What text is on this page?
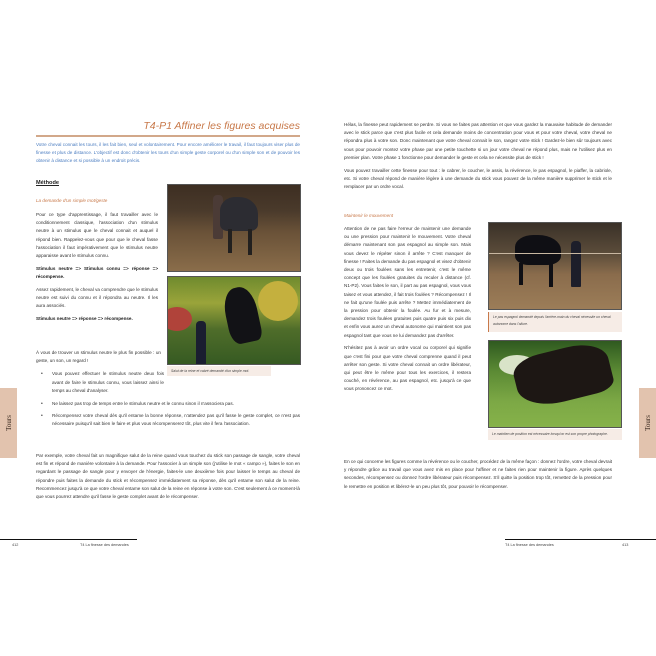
T4-P1 Affiner les figures acquises
Votre cheval connait les tours, il les fait bien, seul et volontairement. Pour encore améliorer le travail, il faut toujours viser plus de finesse et plus de distance. L'objectif est donc d'obtenir les tours d'un simple geste corporel ou d'un simple son et de pouvoir les obtenir à distance et si possible à un endroit précis.
Méthode
La demande d'un simple mot/geste
Pour ce type d'apprentissage, il faut travailler avec le conditionnement classique, l'association d'un stimulus neutre à un stimulus que le cheval connait et auquel il répond bien. Rappelez-vous que pour que le cheval fasse l'association il faut impérativement que le stimulus neutre apparaisse avant le stimulus connu.
Stimulus neutre => Stimulus connu => réponse => récompense.
Assez rapidement, le cheval va comprendre que le stimulus neutre est suivi du connu et il répondra au neutre. Il les aura associés.
Stimulus neutre => réponse => récompense.
Salut de la reine et cabré demandé d'un simple mot.
À vous de trouver un stimulus neutre le plus fin possible : un geste, un son, un regard !
• Vous pouvez effectuer le stimulus neutre deux fois avant de faire le stimulus connu, vous laissez ainsi le temps au cheval d'analyser.
• Ne laissez pas trop de temps entre le stimulus neutre et le connu sinon il n'associera pas.
• Récompensez votre cheval dès qu'il entame la bonne réponse, n'attendez pas qu'il fasse le geste complet, ce n'est pas nécessaire puisqu'il sait bien le faire et plus vous récompenserez tôt, plus vite il fera l'association.
Par exemple, votre cheval fait un magnifique salut de la reine quand vous touchez du stick son passage de sangle, votre cheval est fin et répond de manière volontaire à la demande. Pour l'associer à un simple son (j'utilise le mot « campo »), faites le son en regardant le passage de sangle pour y envoyer de l'énergie, faites-le une deuxième fois pour laisser le temps au cheval de répondre puis faites la demande du stick et récompensez immédiatement sa réponse, dès qu'il entame son salut de la reine. Recommencez jusqu'à ce que votre cheval entame son salut de la reine en réponse à votre son. C'est seulement à ce moment-là que vous pourrez attendre qu'il fasse le geste complet avant de le récompenser.
Tours
412	T4 La finesse des demandes
Hélas, la finesse peut rapidement se perdre. Si vous ne faites pas attention et que vous gardez la mauvaise habitude de demander avec le stick parce que c'est plus facile et cela demande moins de concentration pour vous et pour votre cheval, votre cheval ne répondra plus à votre son. Donc maintenant que votre cheval connait le son, rangez votre stick ! Gardez-le bien sûr toujours avec vous pour pouvoir montez votre phase par une petite touchette si un jour votre cheval ne répond plus, mais ne l'utilisez plus en premier plan. Votre phase 1 fonctionne pour demander le geste et cela ne nécessite plus de stick !
Vous pouvez travailler cette finesse pour tout : le cabrer, le coucher, le assis, la révérence, le pas espagnol, le piaffer, la cabriole, etc. Si votre cheval répond de manière légère à une demande du stick vous pouvez de la même manière supprimer le stick et le remplacer par un ordre vocal.
Maintenir le mouvement
Attention de ne pas faire l'erreur de maintenir une demande ou une pression pour maintenir le mouvement. Votre cheval démarre maintenant son pas espagnol au simple son. Mais vous devez le répéter sinon il arrête ? C'est manquer de finesse ! Faites la demande du pas espagnol et visez d'obtenir deux ou trois foulées sans les entretenir, c'est le même concept que les foulées gratuites du reculer à distance (cf. N1-P2). Vous faites le son, il part au pas espagnol, vous vous taisez et vous attendez, il fait trois foulées ? Récompensez ! Il ne fait qu'une foulée puis arrête ? Mettez immédiatement de la pression pour obtenir la foulée. Au fur et à mesure, demandez trois foulées gratuites puis quatre puis six puis dix et enfin vous aurez un cheval autonome qui maintient son pas espagnol tant que vous ne lui demandez pas d'arrêter.
N'hésitez pas à avoir un ordre vocal ou corporel qui signifie que c'est fini pour que votre cheval comprenne quand il peut arrêter son geste. Si votre cheval connait un ordre libérateur, qui peut être le même pour tous les exercices, il restera couché, en révérence, au pas espagnol, etc. jusqu'à ce que vous prononcez ce mot.
Le pas espagnol demandé depuis l'arrière-main du cheval nécessite un cheval autonome dans l'allure.
Le maintien de position est nécessaire lorsqu'on est son propre photographe.
En ce qui concerne les figures comme la révérence ou le coucher, procédez de la même façon : donnez l'ordre, votre cheval devrait y répondre grâce au travail que vous avez mis en place pour l'affiner et ne faites rien pour maintenir la figure. Après quelques secondes, récompensez ou donnez l'ordre libérateur puis récompensez. S'il quitte la position trop tôt, remettez de la pression pour le remettre en position et libérez-le un peu plus tôt, pour pouvoir le récompenser.
Tours
T4 La finesse des demandes	413
